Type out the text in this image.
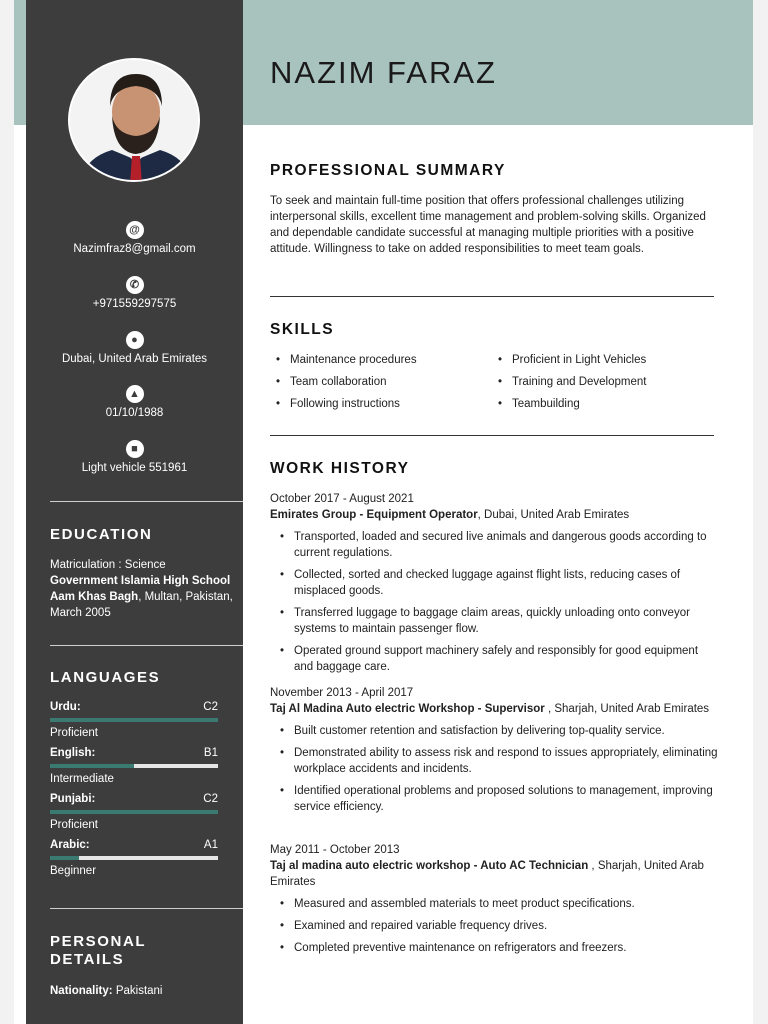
@
Nazimfraz8@gmail.com
✆
+971559297575
●
Dubai, United Arab Emirates
▲
01/10/1988
■
Light vehicle 551961
EDUCATION
Matriculation : Science
Government Islamia High School Aam Khas Bagh, Multan, Pakistan, March 2005
LANGUAGES
Urdu:	C2
Proficient
English:	B1
Intermediate
Punjabi:	C2
Proficient
Arabic:	A1
Beginner
PERSONAL DETAILS
Nationality: Pakistani
NAZIM FARAZ
PROFESSIONAL SUMMARY
To seek and maintain full-time position that offers professional challenges utilizing interpersonal skills, excellent time management and problem-solving skills. Organized and dependable candidate successful at managing multiple priorities with a positive attitude. Willingness to take on added responsibilities to meet team goals.
SKILLS
• Maintenance procedures
• Team collaboration
• Following instructions
• Proficient in Light Vehicles
• Training and Development
• Teambuilding
WORK HISTORY
October 2017 - August 2021
Emirates Group - Equipment Operator, Dubai, United Arab Emirates
• Transported, loaded and secured live animals and dangerous goods according to current regulations.
• Collected, sorted and checked luggage against flight lists, reducing cases of misplaced goods.
• Transferred luggage to baggage claim areas, quickly unloading onto conveyor systems to maintain passenger flow.
• Operated ground support machinery safely and responsibly for good equipment and baggage care.
November 2013 - April 2017
Taj Al Madina Auto electric Workshop - Supervisor , Sharjah, United Arab Emirates
• Built customer retention and satisfaction by delivering top-quality service.
• Demonstrated ability to assess risk and respond to issues appropriately, eliminating workplace accidents and incidents.
• Identified operational problems and proposed solutions to management, improving service efficiency.
May 2011 - October 2013
Taj al madina auto electric workshop - Auto AC Technician , Sharjah, United Arab Emirates
• Measured and assembled materials to meet product specifications.
• Examined and repaired variable frequency drives.
• Completed preventive maintenance on refrigerators and freezers.
